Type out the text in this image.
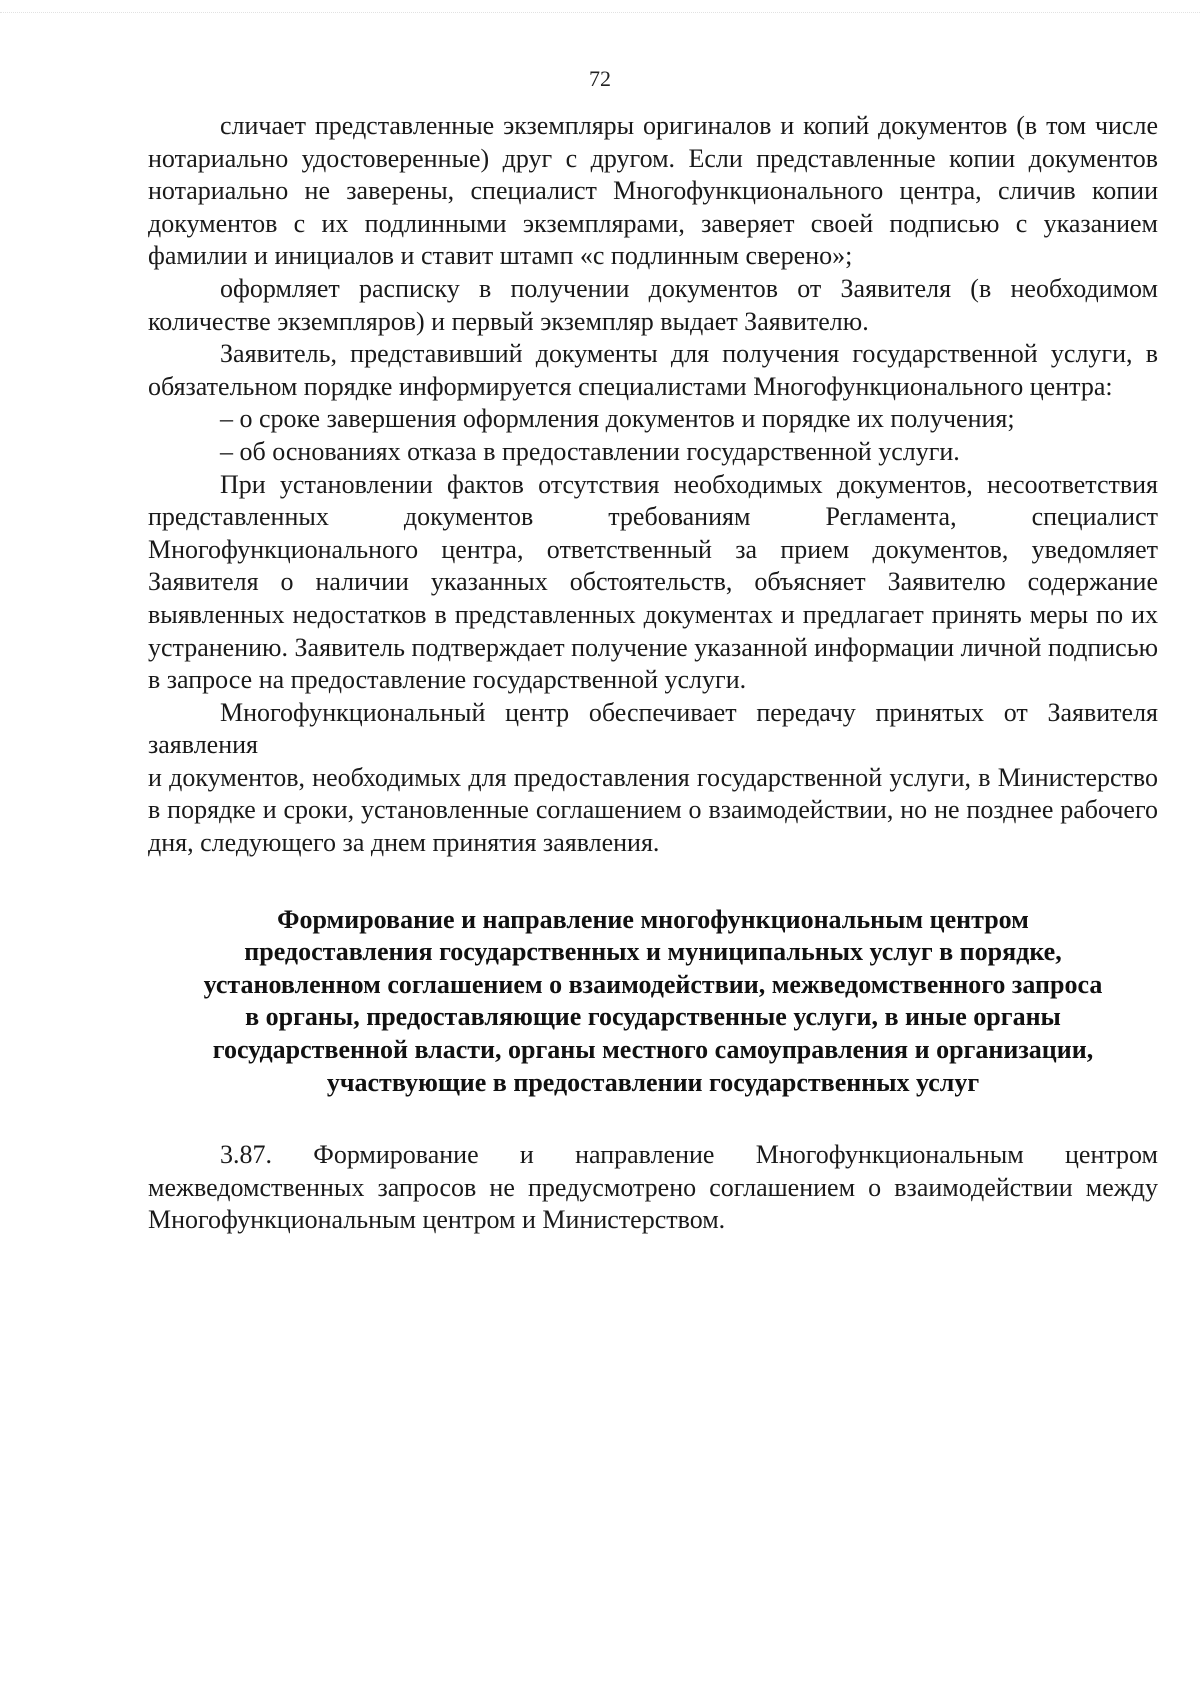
72

сличает представленные экземпляры оригиналов и копий документов (в том числе нотариально удостоверенные) друг с другом. Если представленные копии документов нотариально не заверены, специалист Многофункционального центра, сличив копии документов с их подлинными экземплярами, заверяет своей подписью с указанием фамилии и инициалов и ставит штамп «с подлинным сверено»;

оформляет расписку в получении документов от Заявителя (в необходимом количестве экземпляров) и первый экземпляр выдает Заявителю.

Заявитель, представивший документы для получения государственной услуги, в обязательном порядке информируется специалистами Многофункционального центра:

– о сроке завершения оформления документов и порядке их получения;

– об основаниях отказа в предоставлении государственной услуги.

При установлении фактов отсутствия необходимых документов, несоответствия представленных документов требованиям Регламента, специалист Многофункционального центра, ответственный за прием документов, уведомляет Заявителя о наличии указанных обстоятельств, объясняет Заявителю содержание выявленных недостатков в представленных документах и предлагает принять меры по их устранению. Заявитель подтверждает получение указанной информации личной подписью в запросе на предоставление государственной услуги.

Многофункциональный центр обеспечивает передачу принятых от Заявителя заявления

и документов, необходимых для предоставления государственной услуги, в Министерство в порядке и сроки, установленные соглашением о взаимодействии, но не позднее рабочего дня, следующего за днем принятия заявления.

Формирование и направление многофункциональным центром
предоставления государственных и муниципальных услуг в порядке,
установленном соглашением о взаимодействии, межведомственного запроса
в органы, предоставляющие государственные услуги, в иные органы
государственной власти, органы местного самоуправления и организации,
участвующие в предоставлении государственных услуг

3.87. Формирование и направление Многофункциональным центром межведомственных запросов не предусмотрено соглашением о взаимодействии между Многофункциональным центром и Министерством.
